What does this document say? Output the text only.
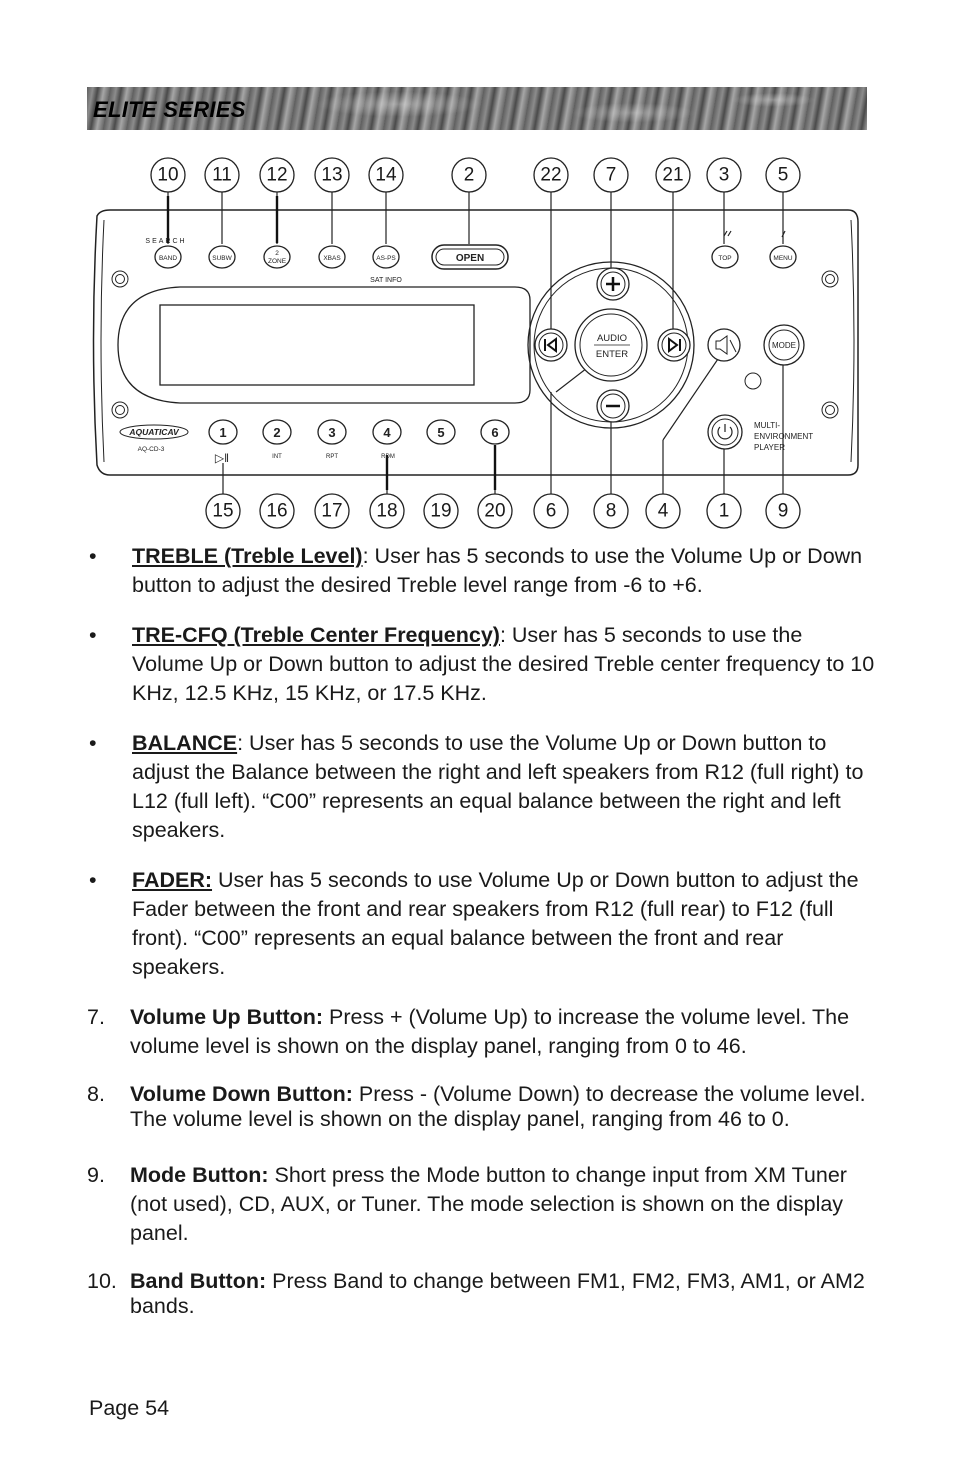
ELITE SERIES
SEARCH
BAND	SUBW
2
ZONE	XBAS	AS-PS
SAT INFO
OPEN	TOP	MENU
AUDIO
ENTER
MODE
AQUATICAV
AQ-CD-3
1	2	3	4	5	6
▷‖	INT	RPT	RDM
MULTI-
ENVIRONMENT
PLAYER
10 11 12 13 14	2	22 7 21 3	5
15 16 17 18 19 20 6	8 4	1	9
•	TREBLE (Treble Level): User has 5 seconds to use the Volume Up or Down button to adjust the desired Treble level range from -6 to +6.
•	TRE-CFQ (Treble Center Frequency): User has 5 seconds to use the Volume Up or Down button to adjust the desired Treble center frequency to 10 KHz, 12.5 KHz, 15 KHz, or 17.5 KHz.
•	BALANCE: User has 5 seconds to use the Volume Up or Down button to adjust the Balance between the right and left speakers from R12 (full right) to L12 (full left). “C00” represents an equal balance between the right and left speakers.
•	FADER: User has 5 seconds to use Volume Up or Down button to adjust the Fader between the front and rear speakers from R12 (full rear) to F12 (full front). “C00” represents an equal balance between the front and rear speakers.
7.	Volume Up Button: Press + (Volume Up) to increase the volume level. The volume level is shown on the display panel, ranging from 0 to 46.
8.	Volume Down Button: Press - (Volume Down) to decrease the volume level. The volume level is shown on the display panel, ranging from 46 to 0.
9.	Mode Button: Short press the Mode button to change input from XM Tuner (not used), CD, AUX, or Tuner. The mode selection is shown on the display panel.
10. Band Button: Press Band to change between FM1, FM2, FM3, AM1, or AM2 bands.
Page 54
